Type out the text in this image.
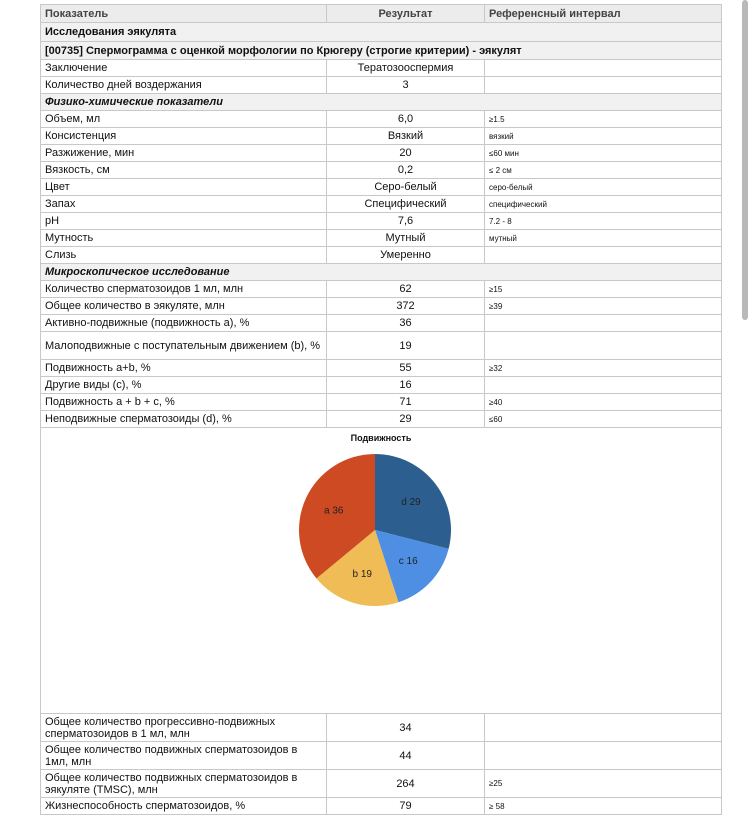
Показатель	Результат	Референсный интервал
Исследования эякулята		
[00735] Спермограмма с оценкой морфологии по Крюгеру (строгие критерии) - эякулят		
Заключение	Тератозооспермия	
Количество дней воздержания	3	
Физико-химические показатели		
Объем, мл	6,0	≥1.5
Консистенция	Вязкий	вязкий
Разжижение, мин	20	≤60 мин
Вязкость, см	0,2	≤ 2 см
Цвет	Серо-белый	серо-белый
Запах	Специфический	специфический
pH	7,6	7.2 - 8
Мутность	Мутный	мутный
Слизь	Умеренно	
Микроскопическое исследование		
Количество сперматозоидов 1 мл, млн	62	≥15
Общее количество в эякуляте, млн	372	≥39
Активно-подвижные (подвижность a), %	36	
Малоподвижные с поступательным движением (b), %	19	
Подвижность a+b, %	55	≥32
Другие виды (c), %	16	
Подвижность a + b + c, %	71	≥40
Неподвижные сперматозоиды (d), %	29	≤60

Подвижность
d 29
c 16
b 19
a 36		

Общее количество прогрессивно-подвижных сперматозоидов в 1 мл, млн	34	
Общее количество подвижных сперматозоидов в 1мл, млн	44	
Общее количество подвижных сперматозоидов в эякуляте (TMSC), млн	264	≥25
Жизнеспособность сперматозоидов, %	79	≥ 58
